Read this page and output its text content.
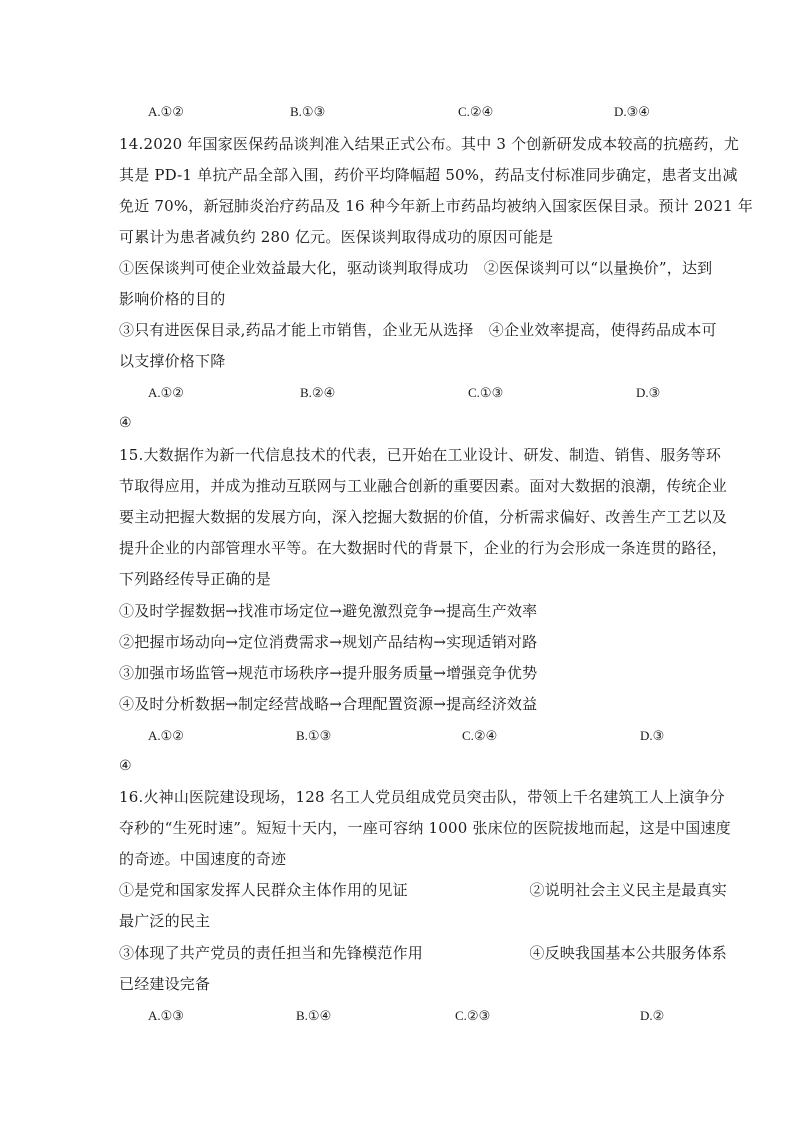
A.①②	B.①③	C.②④	D.③④
14.2020 年国家医保药品谈判准入结果正式公布。其中 3 个创新研发成本较高的抗癌药，尤
其是 PD-1 单抗产品全部入围，药价平均降幅超 50%，药品支付标准同步确定，患者支出减
免近 70%，新冠肺炎治疗药品及 16 种今年新上市药品均被纳入国家医保目录。预计 2021 年
可累计为患者减负约 280 亿元。医保谈判取得成功的原因可能是
①医保谈判可使企业效益最大化，驱动谈判取得成功　②医保谈判可以“以量换价”，达到
影响价格的目的
③只有进医保目录,药品才能上市销售，企业无从选择　④企业效率提高，使得药品成本可
以支撑价格下降
A.①②	B.②④	C.①③	D.③
④
15.大数据作为新一代信息技术的代表，已开始在工业设计、研发、制造、销售、服务等环
节取得应用，并成为推动互联网与工业融合创新的重要因素。面对大数据的浪潮，传统企业
要主动把握大数据的发展方向，深入挖掘大数据的价值，分析需求偏好、改善生产工艺以及
提升企业的内部管理水平等。在大数据时代的背景下，企业的行为会形成一条连贯的路径，
下列路经传导正确的是
①及时学握数据→找准市场定位→避免激烈竞争→提高生产效率
②把握市场动向→定位消费需求→规划产品结构→实现适销对路
③加强市场监管→规范市场秩序→提升服务质量→增强竞争优势
④及时分析数据→制定经营战略→合理配置资源→提高经济效益
A.①②	B.①③	C.②④	D.③
④
16.火神山医院建设现场，128 名工人党员组成党员突击队，带领上千名建筑工人上演争分
夺秒的“生死时速”。短短十天内，一座可容纳 1000 张床位的医院拔地而起，这是中国速度
的奇迹。中国速度的奇迹
①是党和国家发挥人民群众主体作用的见证　　　　　　　　②说明社会主义民主是最真实
最广泛的民主
③体现了共产党员的责任担当和先锋模范作用　　　　　　　④反映我国基本公共服务体系
已经建设完备
A.①③	B.①④	C.②③	D.②
